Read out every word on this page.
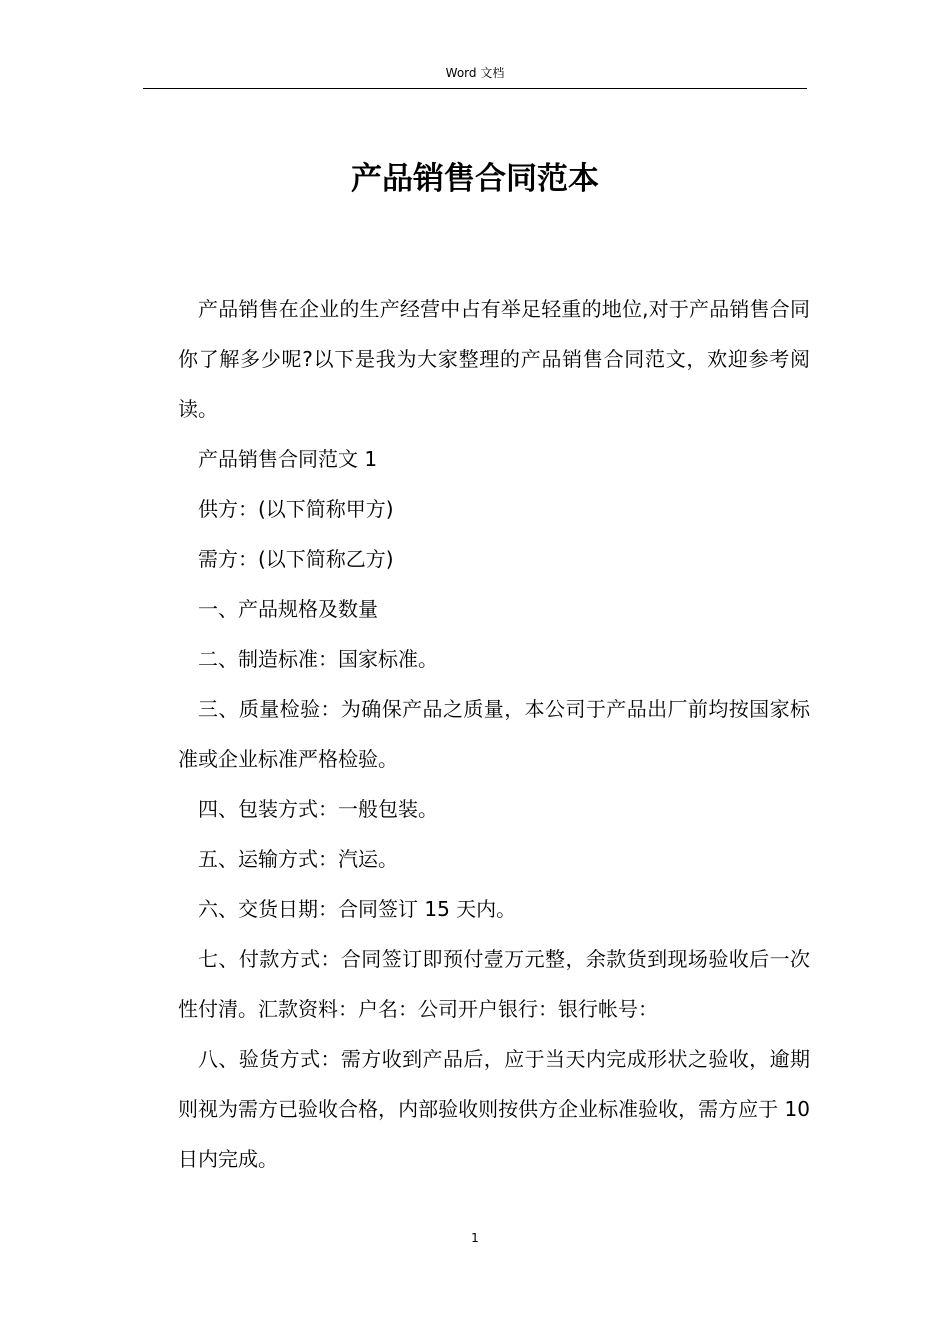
Word 文档
产品销售合同范本

产品销售在企业的生产经营中占有举足轻重的地位,对于产品销售合同你了解多少呢?以下是我为大家整理的产品销售合同范文，欢迎参考阅读。

产品销售合同范文 1

供方：(以下简称甲方)

需方：(以下简称乙方)

一、产品规格及数量

二、制造标准：国家标准。

三、质量检验：为确保产品之质量，本公司于产品出厂前均按国家标准或企业标准严格检验。

四、包装方式：一般包装。

五、运输方式：汽运。

六、交货日期：合同签订 15 天内。

七、付款方式：合同签订即预付壹万元整，余款货到现场验收后一次性付清。汇款资料：户名：公司开户银行：银行帐号：

八、验货方式：需方收到产品后，应于当天内完成形状之验收，逾期则视为需方已验收合格，内部验收则按供方企业标准验收，需方应于 10 日内完成。

1
